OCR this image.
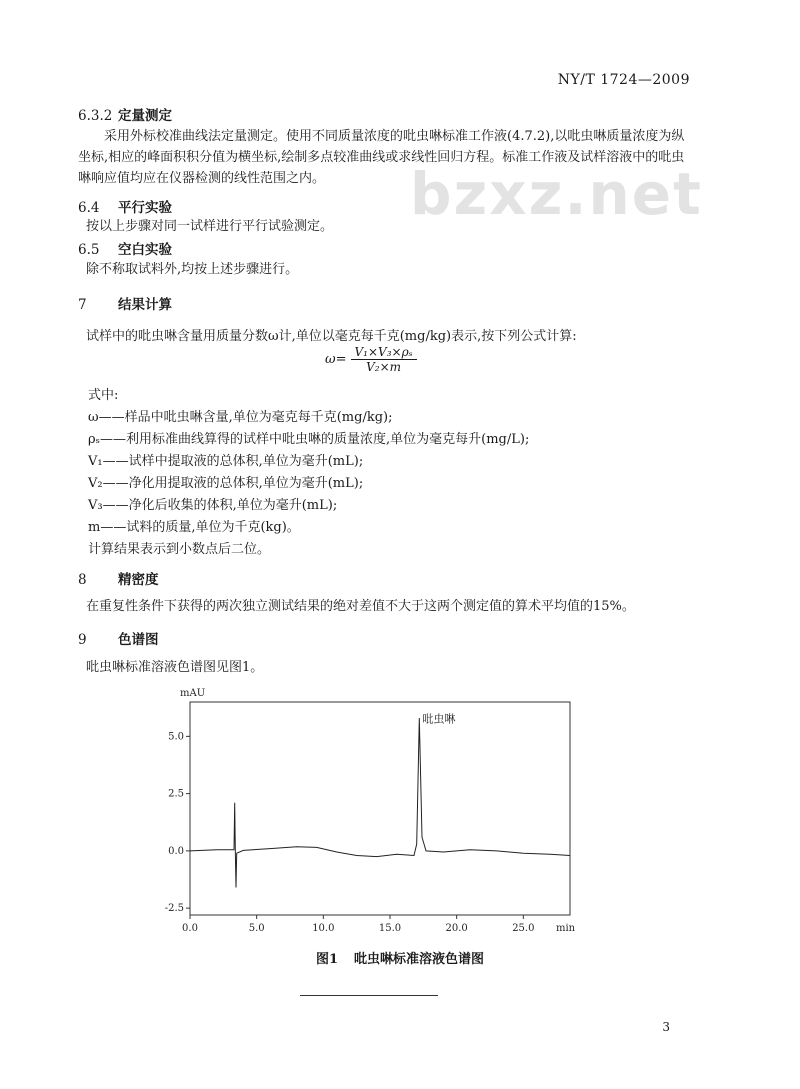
NY/T 1724—2009
bzxz.net
6.3.2 定量测定
采用外标校准曲线法定量测定。使用不同质量浓度的吡虫啉标准工作液(4.7.2),以吡虫啉质量浓度为纵坐标,相应的峰面积积分值为横坐标,绘制多点较准曲线或求线性回归方程。标准工作液及试样溶液中的吡虫啉响应值均应在仪器检测的线性范围之内。
6.4 平行实验
按以上步骤对同一试样进行平行试验测定。
6.5 空白实验
除不称取试料外,均按上述步骤进行。
7 结果计算
试样中的吡虫啉含量用质量分数ω计,单位以毫克每千克(mg/kg)表示,按下列公式计算:
$\omega= \frac{\text{V₁×V₃×ρₛ}}{\text{V₂×m}}$
式中:
ω——样品中吡虫啉含量,单位为毫克每千克(mg/kg);
ρₛ——利用标准曲线算得的试样中吡虫啉的质量浓度,单位为毫克每升(mg/L);
V₁——试样中提取液的总体积,单位为毫升(mL);
V₂——净化用提取液的总体积,单位为毫升(mL);
V₃——净化后收集的体积,单位为毫升(mL);
m——试料的质量,单位为千克(kg)。
计算结果表示到小数点后二位。
8 精密度
在重复性条件下获得的两次独立测试结果的绝对差值不大于这两个测定值的算术平均值的15%。
9 色谱图
吡虫啉标准溶液色谱图见图1。
0.0	5.0	10.0	15.0	20.0	25.0
5.0
2.5
0.0
-2.5
mAU
min
吡虫啉
图1 吡虫啉标准溶液色谱图
3
